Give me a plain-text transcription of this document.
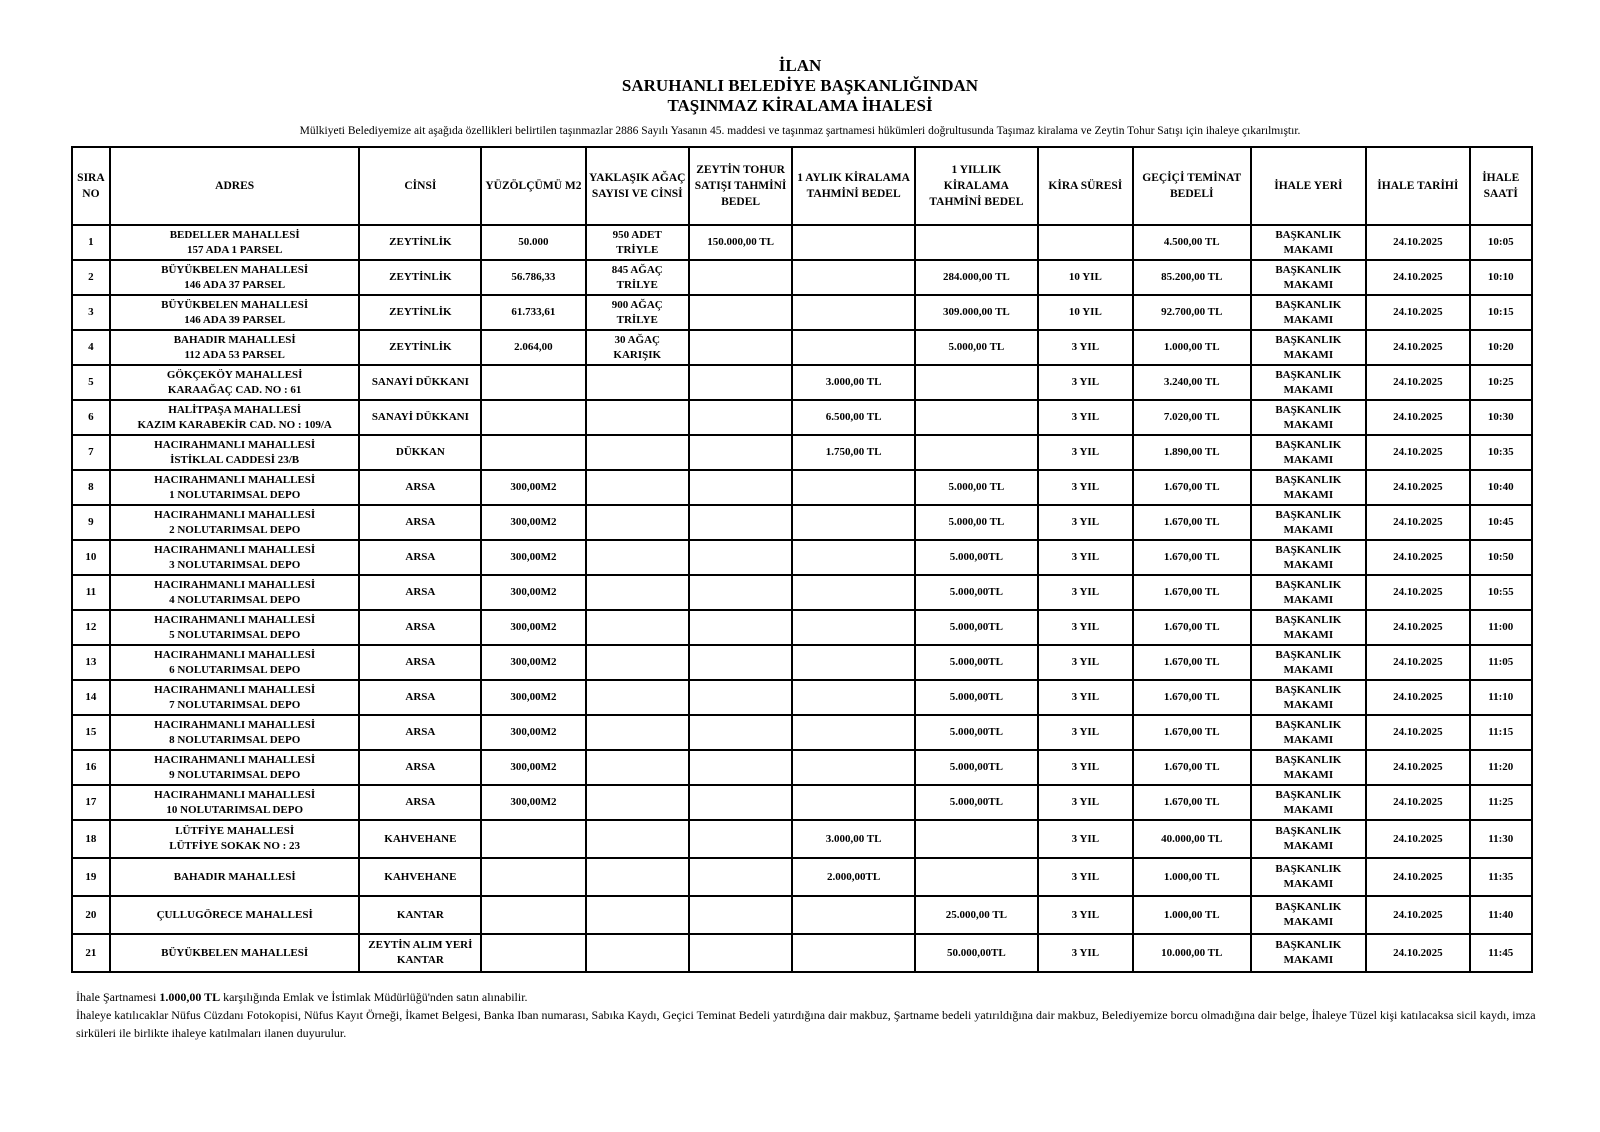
İLAN

SARUHANLI BELEDİYE BAŞKANLIĞINDAN

TAŞINMAZ KİRALAMA İHALESİ

Mülkiyeti Belediyemize ait aşağıda özellikleri belirtilen taşınmazlar 2886 Sayılı Yasanın 45. maddesi ve taşınmaz şartnamesi hükümleri doğrultusunda Taşımaz kiralama ve Zeytin Tohur Satışı için ihaleye çıkarılmıştır.
SIRA NO	ADRES	CİNSİ	YÜZÖLÇÜMÜ M2	YAKLAŞIK AĞAÇ SAYISI VE CİNSİ	ZEYTİN TOHUR SATIŞI TAHMİNİ BEDEL	1 AYLIK KİRALAMA TAHMİNİ BEDEL	1 YILLIK KİRALAMA TAHMİNİ BEDEL	KİRA SÜRESİ	GEÇİÇİ TEMİNAT BEDELİ	İHALE YERİ	İHALE TARİHİ	İHALE SAATİ
1	BEDELLER MAHALLESİ
157 ADA 1 PARSEL	ZEYTİNLİK	50.000	950 ADET
TRİYLE	150.000,00 TL				4.500,00 TL	BAŞKANLIK
MAKAMI	24.10.2025	10:05
2	BÜYÜKBELEN MAHALLESİ
146 ADA 37 PARSEL	ZEYTİNLİK	56.786,33	845 AĞAÇ
TRİLYE			284.000,00 TL	10 YIL	85.200,00 TL	BAŞKANLIK
MAKAMI	24.10.2025	10:10
3	BÜYÜKBELEN MAHALLESİ
146 ADA 39 PARSEL	ZEYTİNLİK	61.733,61	900 AĞAÇ
TRİLYE			309.000,00 TL	10 YIL	92.700,00 TL	BAŞKANLIK
MAKAMI	24.10.2025	10:15
4	BAHADIR MAHALLESİ
112 ADA 53 PARSEL	ZEYTİNLİK	2.064,00	30 AĞAÇ
KARIŞIK			5.000,00 TL	3 YIL	1.000,00 TL	BAŞKANLIK
MAKAMI	24.10.2025	10:20
5	GÖKÇEKÖY MAHALLESİ
KARAAĞAÇ CAD. NO : 61	SANAYİ DÜKKANI				3.000,00 TL		3 YIL	3.240,00 TL	BAŞKANLIK
MAKAMI	24.10.2025	10:25
6	HALİTPAŞA MAHALLESİ
KAZIM KARABEKİR CAD. NO : 109/A	SANAYİ DÜKKANI				6.500,00 TL		3 YIL	7.020,00 TL	BAŞKANLIK
MAKAMI	24.10.2025	10:30
7	HACIRAHMANLI MAHALLESİ
İSTİKLAL CADDESİ 23/B	DÜKKAN				1.750,00 TL		3 YIL	1.890,00 TL	BAŞKANLIK
MAKAMI	24.10.2025	10:35
8	HACIRAHMANLI MAHALLESİ
1 NOLUTARIMSAL DEPO	ARSA	300,00M2				5.000,00 TL	3 YIL	1.670,00 TL	BAŞKANLIK
MAKAMI	24.10.2025	10:40
9	HACIRAHMANLI MAHALLESİ
2 NOLUTARIMSAL DEPO	ARSA	300,00M2				5.000,00 TL	3 YIL	1.670,00 TL	BAŞKANLIK
MAKAMI	24.10.2025	10:45
10	HACIRAHMANLI MAHALLESİ
3 NOLUTARIMSAL DEPO	ARSA	300,00M2				5.000,00TL	3 YIL	1.670,00 TL	BAŞKANLIK
MAKAMI	24.10.2025	10:50
11	HACIRAHMANLI MAHALLESİ
4 NOLUTARIMSAL DEPO	ARSA	300,00M2				5.000,00TL	3 YIL	1.670,00 TL	BAŞKANLIK
MAKAMI	24.10.2025	10:55
12	HACIRAHMANLI MAHALLESİ
5 NOLUTARIMSAL DEPO	ARSA	300,00M2				5.000,00TL	3 YIL	1.670,00 TL	BAŞKANLIK
MAKAMI	24.10.2025	11:00
13	HACIRAHMANLI MAHALLESİ
6 NOLUTARIMSAL DEPO	ARSA	300,00M2				5.000,00TL	3 YIL	1.670,00 TL	BAŞKANLIK
MAKAMI	24.10.2025	11:05
14	HACIRAHMANLI MAHALLESİ
7 NOLUTARIMSAL DEPO	ARSA	300,00M2				5.000,00TL	3 YIL	1.670,00 TL	BAŞKANLIK
MAKAMI	24.10.2025	11:10
15	HACIRAHMANLI MAHALLESİ
8 NOLUTARIMSAL DEPO	ARSA	300,00M2				5.000,00TL	3 YIL	1.670,00 TL	BAŞKANLIK
MAKAMI	24.10.2025	11:15
16	HACIRAHMANLI MAHALLESİ
9 NOLUTARIMSAL DEPO	ARSA	300,00M2				5.000,00TL	3 YIL	1.670,00 TL	BAŞKANLIK
MAKAMI	24.10.2025	11:20
17	HACIRAHMANLI MAHALLESİ
10 NOLUTARIMSAL DEPO	ARSA	300,00M2				5.000,00TL	3 YIL	1.670,00 TL	BAŞKANLIK
MAKAMI	24.10.2025	11:25
18	LÜTFİYE MAHALLESİ
LÜTFİYE SOKAK NO : 23	KAHVEHANE				3.000,00 TL		3 YIL	40.000,00 TL	BAŞKANLIK
MAKAMI	24.10.2025	11:30
19	BAHADIR MAHALLESİ	KAHVEHANE				2.000,00TL		3 YIL	1.000,00 TL	BAŞKANLIK
MAKAMI	24.10.2025	11:35
20	ÇULLUGÖRECE MAHALLESİ	KANTAR					25.000,00 TL	3 YIL	1.000,00 TL	BAŞKANLIK
MAKAMI	24.10.2025	11:40
21	BÜYÜKBELEN MAHALLESİ	ZEYTİN ALIM YERİ KANTAR					50.000,00TL	3 YIL	10.000,00 TL	BAŞKANLIK
MAKAMI	24.10.2025	11:45

İhale Şartnamesi 1.000,00 TL karşılığında Emlak ve İstimlak Müdürlüğü'nden satın alınabilir.

İhaleye katılıcaklar Nüfus Cüzdanı Fotokopisi, Nüfus Kayıt Örneği, İkamet Belgesi, Banka Iban numarası, Sabıka Kaydı, Geçici Teminat Bedeli yatırdığına dair makbuz, Şartname bedeli yatırıldığına dair makbuz, Belediyemize borcu olmadığına dair belge, İhaleye Tüzel kişi katılacaksa sicil kaydı, imza sirküleri ile birlikte ihaleye katılmaları ilanen duyurulur.
